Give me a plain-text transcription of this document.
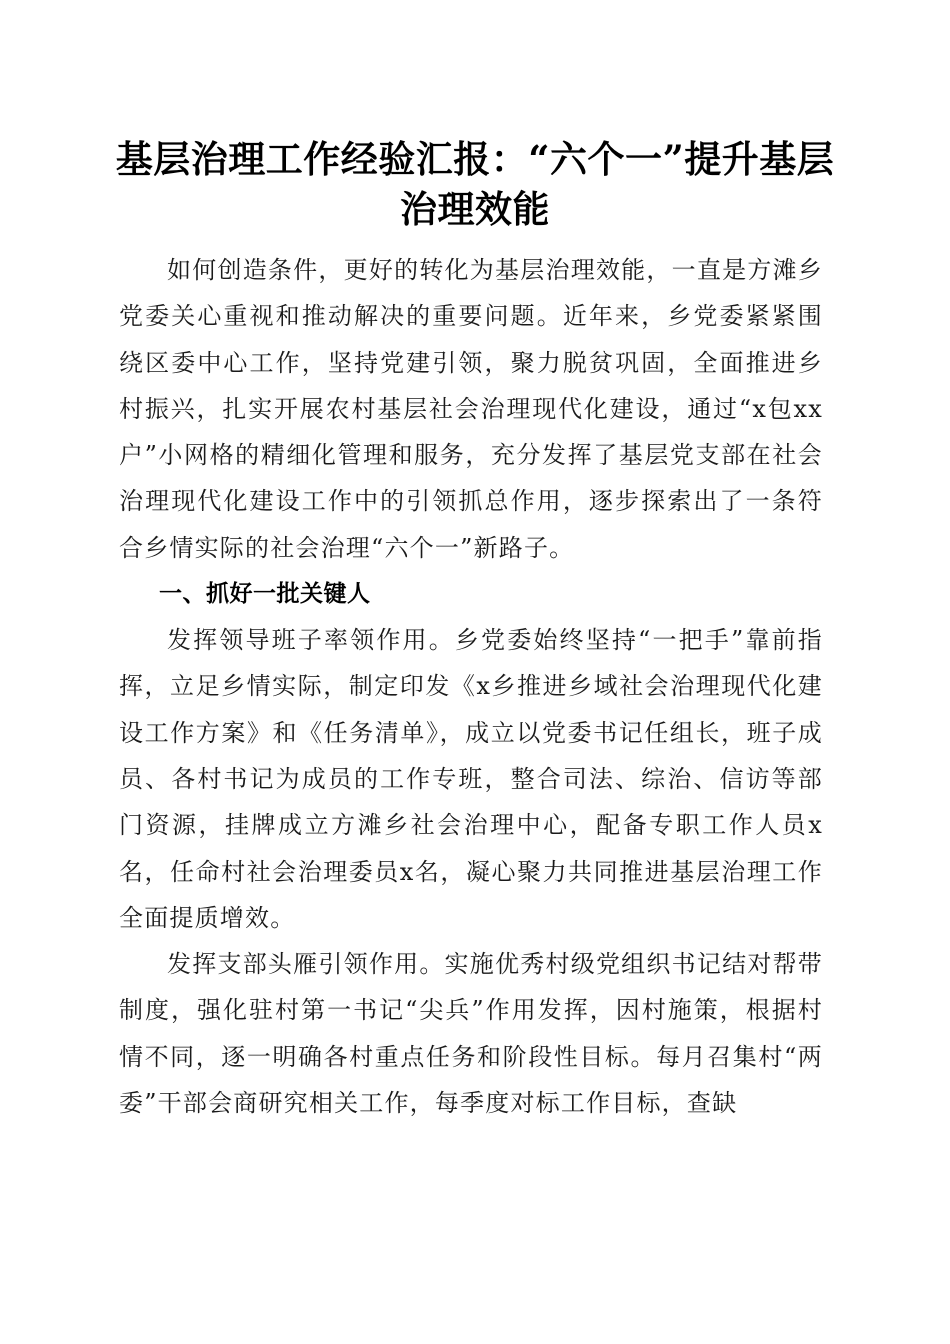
基层治理工作经验汇报：“六个一”提升基层治理效能

如何创造条件，更好的转化为基层治理效能，一直是方滩乡党委关心重视和推动解决的重要问题。近年来，乡党委紧紧围绕区委中心工作，坚持党建引领，聚力脱贫巩固，全面推进乡村振兴，扎实开展农村基层社会治理现代化建设，通过“x包xx户”小网格的精细化管理和服务，充分发挥了基层党支部在社会治理现代化建设工作中的引领抓总作用，逐步探索出了一条符合乡情实际的社会治理“六个一”新路子。

一、抓好一批关键人

发挥领导班子率领作用。乡党委始终坚持“一把手”靠前指挥，立足乡情实际，制定印发《x乡推进乡域社会治理现代化建设工作方案》和《任务清单》，成立以党委书记任组长，班子成员、各村书记为成员的工作专班，整合司法、综治、信访等部门资源，挂牌成立方滩乡社会治理中心，配备专职工作人员x名，任命村社会治理委员x名，凝心聚力共同推进基层治理工作全面提质增效。

发挥支部头雁引领作用。实施优秀村级党组织书记结对帮带制度，强化驻村第一书记“尖兵”作用发挥，因村施策，根据村情不同，逐一明确各村重点任务和阶段性目标。每月召集村“两委”干部会商研究相关工作，每季度对标工作目标，查缺
